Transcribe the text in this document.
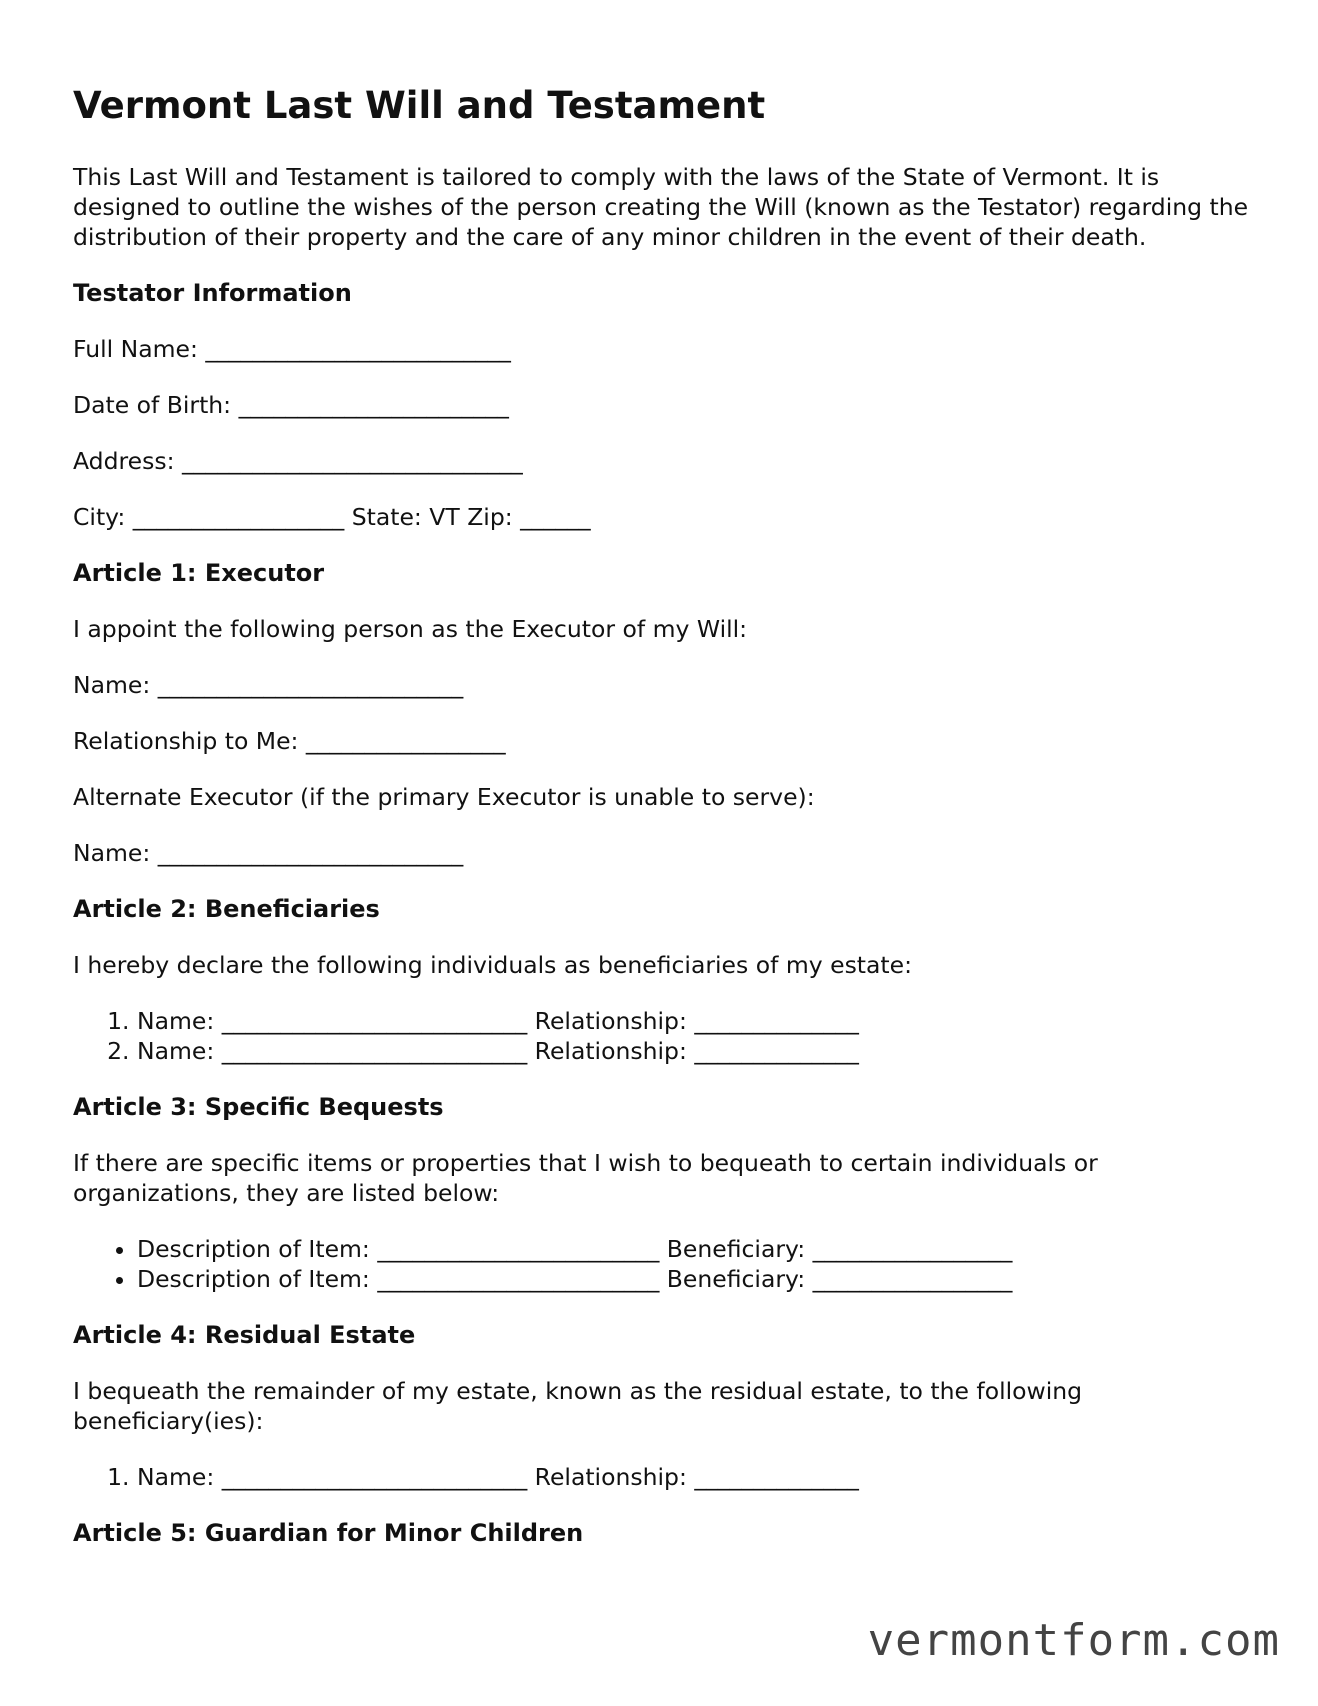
Vermont Last Will and Testament

This Last Will and Testament is tailored to comply with the laws of the State of Vermont. It is designed to outline the wishes of the person creating the Will (known as the Testator) regarding the distribution of their property and the care of any minor children in the event of their death.

Testator Information
Full Name: __________________________
Date of Birth: _______________________
Address: _____________________________
City: __________________ State: VT Zip: ______
Article 1: Executor

I appoint the following person as the Executor of my Will:

Name: __________________________
Relationship to Me: _________________

Alternate Executor (if the primary Executor is unable to serve):

Name: __________________________
Article 2: Beneficiaries

I hereby declare the following individuals as beneficiaries of my estate:

1. Name: __________________________ Relationship: ______________
2. Name: __________________________ Relationship: ______________
Article 3: Specific Bequests

If there are specific items or properties that I wish to bequeath to certain individuals or organizations, they are listed below:

• Description of Item: ________________________ Beneficiary: _________________
• Description of Item: ________________________ Beneficiary: _________________
Article 4: Residual Estate

I bequeath the remainder of my estate, known as the residual estate, to the following beneficiary(ies):

1. Name: __________________________ Relationship: ______________
Article 5: Guardian for Minor Children
vermontform.com
